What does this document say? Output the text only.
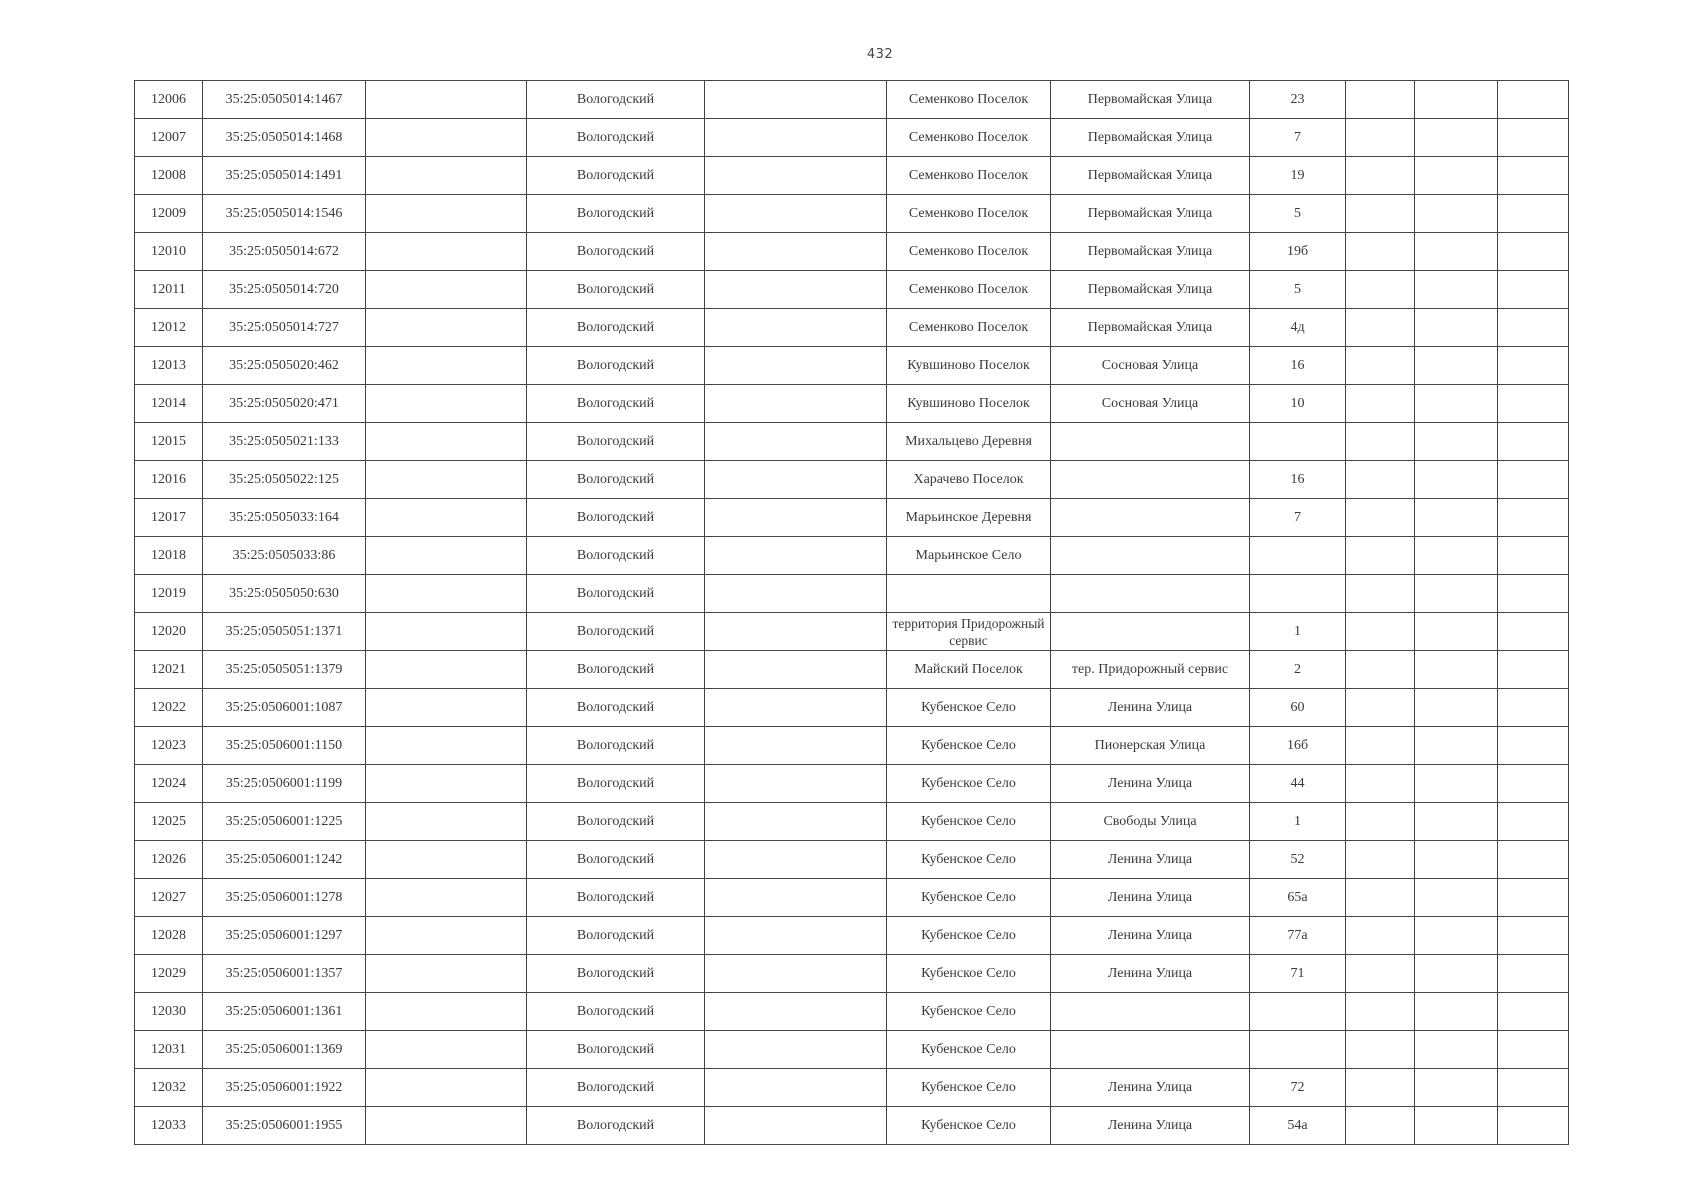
432
12006	35:25:0505014:1467		Вологодский		Семенково Поселок	Первомайская Улица	23			
12007	35:25:0505014:1468		Вологодский		Семенково Поселок	Первомайская Улица	7			
12008	35:25:0505014:1491		Вологодский		Семенково Поселок	Первомайская Улица	19			
12009	35:25:0505014:1546		Вологодский		Семенково Поселок	Первомайская Улица	5			
12010	35:25:0505014:672		Вологодский		Семенково Поселок	Первомайская Улица	19б			
12011	35:25:0505014:720		Вологодский		Семенково Поселок	Первомайская Улица	5			
12012	35:25:0505014:727		Вологодский		Семенково Поселок	Первомайская Улица	4д			
12013	35:25:0505020:462		Вологодский		Кувшиново Поселок	Сосновая Улица	16			
12014	35:25:0505020:471		Вологодский		Кувшиново Поселок	Сосновая Улица	10			
12015	35:25:0505021:133		Вологодский		Михальцево Деревня					
12016	35:25:0505022:125		Вологодский		Харачево Поселок		16			
12017	35:25:0505033:164		Вологодский		Марьинское Деревня		7			
12018	35:25:0505033:86		Вологодский		Марьинское Село					
12019	35:25:0505050:630		Вологодский							
12020	35:25:0505051:1371		Вологодский		территория Придорожный сервис		1			
12021	35:25:0505051:1379		Вологодский		Майский Поселок	тер. Придорожный сервис	2			
12022	35:25:0506001:1087		Вологодский		Кубенское Село	Ленина Улица	60			
12023	35:25:0506001:1150		Вологодский		Кубенское Село	Пионерская Улица	16б			
12024	35:25:0506001:1199		Вологодский		Кубенское Село	Ленина Улица	44			
12025	35:25:0506001:1225		Вологодский		Кубенское Село	Свободы Улица	1			
12026	35:25:0506001:1242		Вологодский		Кубенское Село	Ленина Улица	52			
12027	35:25:0506001:1278		Вологодский		Кубенское Село	Ленина Улица	65а			
12028	35:25:0506001:1297		Вологодский		Кубенское Село	Ленина Улица	77а			
12029	35:25:0506001:1357		Вологодский		Кубенское Село	Ленина Улица	71			
12030	35:25:0506001:1361		Вологодский		Кубенское Село					
12031	35:25:0506001:1369		Вологодский		Кубенское Село					
12032	35:25:0506001:1922		Вологодский		Кубенское Село	Ленина Улица	72			
12033	35:25:0506001:1955		Вологодский		Кубенское Село	Ленина Улица	54а			
